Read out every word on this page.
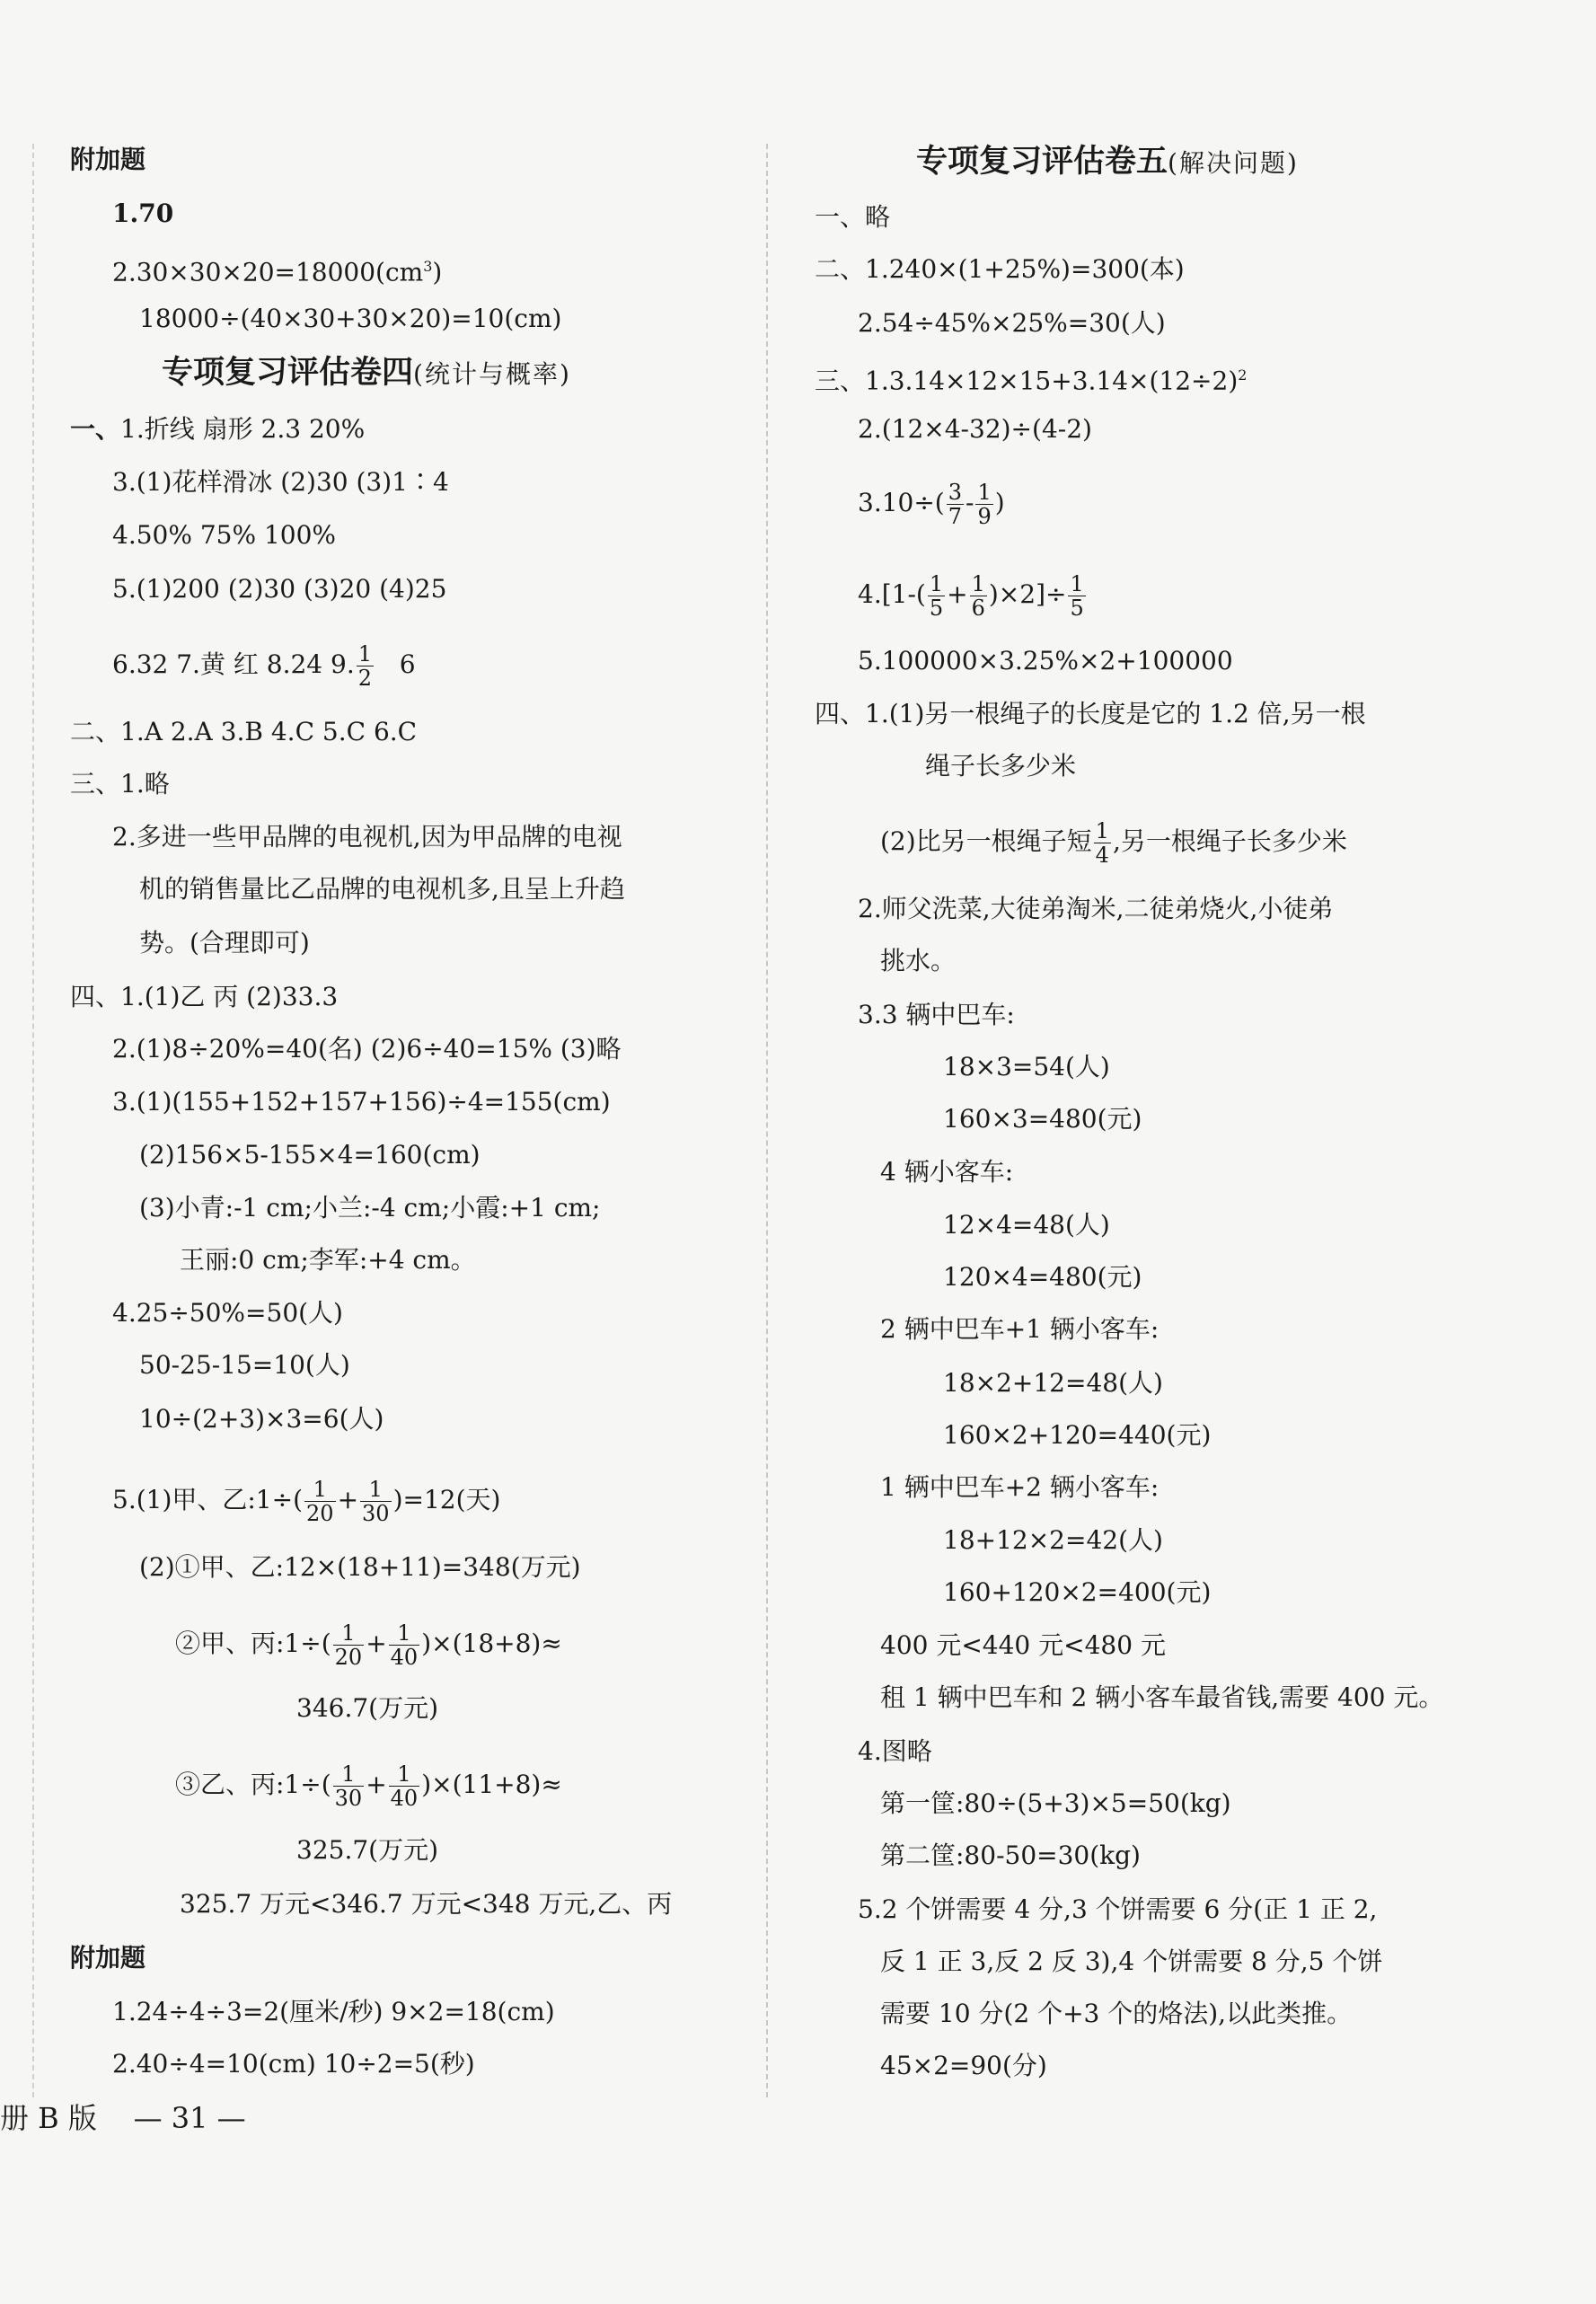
附加题
1.70
$2.30\times 30\times 20=18000(cm^3)$
18000÷(40×30+30×20)=10(cm)
专项复习评估卷四(统计与概率)
一、1.折线 扇形 2.3 20%
3.(1)花样滑冰 (2)30 (3)1∶4
4.50% 75% 100%
5.(1)200 (2)30 (3)20 (4)25
6.32 7.黄 红 8.24 9. $\frac{1}{2} 6$
二、1.A 2.A 3.B 4.C 5.C 6.C
三、1.略
2.多进一些甲品牌的电视机,因为甲品牌的电视
机的销售量比乙品牌的电视机多,且呈上升趋
势。(合理即可)
四、1.(1)乙 丙 (2)33.3
2.(1)8÷20%=40(名) (2)6÷40=15% (3)略
3.(1)(155+152+157+156)÷4=155(cm)
(2)156×5-155×4=160(cm)
(3)小青:-1 cm;小兰:-4 cm;小霞:+1 cm;
王丽:0 cm;李军:+4 cm。
4.25÷50%=50(人)
50-25-15=10(人)
10÷(2+3)×3=6(人)
5.(1)甲、乙:1÷( $\frac{1}{20} + \frac{1}{30} )=12$(天)
(2)①甲、乙:12×(18+11)=348(万元)
②甲、丙:1÷( $\frac{1}{20} + \frac{1}{40} )\times(18+8)\approx$
346.7(万元)
③乙、丙:1÷( $\frac{1}{30} + \frac{1}{40} )\times(11+8)\approx$
325.7(万元)
325.7 万元<346.7 万元<348 万元,乙、丙
附加题
1.24÷4÷3=2(厘米/秒) 9×2=18(cm)
2.40÷4=10(cm) 10÷2=5(秒)
册 B 版 — 31 —
专项复习评估卷五(解决问题)
一、略
二、1.240×(1+25%)=300(本)
2.54÷45%×25%=30(人)
三、$1.3.14\times 12\times 15+3.14\times(12\div 2)^2$
2.(12×4-32)÷(4-2)
$3.10\div( \frac{3}{7} - \frac{1}{9}$ )
$4.[1-( \frac{1}{5} + \frac{1}{6} )\times 2]\div \frac{1}{5}$
5.100000×3.25%×2+100000
四、1.(1)另一根绳子的长度是它的 1.2 倍,另一根
绳子长多少米
(2)比另一根绳子短 $\frac{1}{4}$ ,另一根绳子长多少米
2.师父洗菜,大徒弟淘米,二徒弟烧火,小徒弟
挑水。
3.3 辆中巴车:
18×3=54(人)
160×3=480(元)
4 辆小客车:
12×4=48(人)
120×4=480(元)
2 辆中巴车+1 辆小客车:
18×2+12=48(人)
160×2+120=440(元)
1 辆中巴车+2 辆小客车:
18+12×2=42(人)
160+120×2=400(元)
400 元<440 元<480 元
租 1 辆中巴车和 2 辆小客车最省钱,需要 400 元。
4.图略
第一筐:80÷(5+3)×5=50(kg)
第二筐:80-50=30(kg)
5.2 个饼需要 4 分,3 个饼需要 6 分(正 1 正 2,
反 1 正 3,反 2 反 3),4 个饼需要 8 分,5 个饼
需要 10 分(2 个+3 个的烙法),以此类推。
45×2=90(分)
